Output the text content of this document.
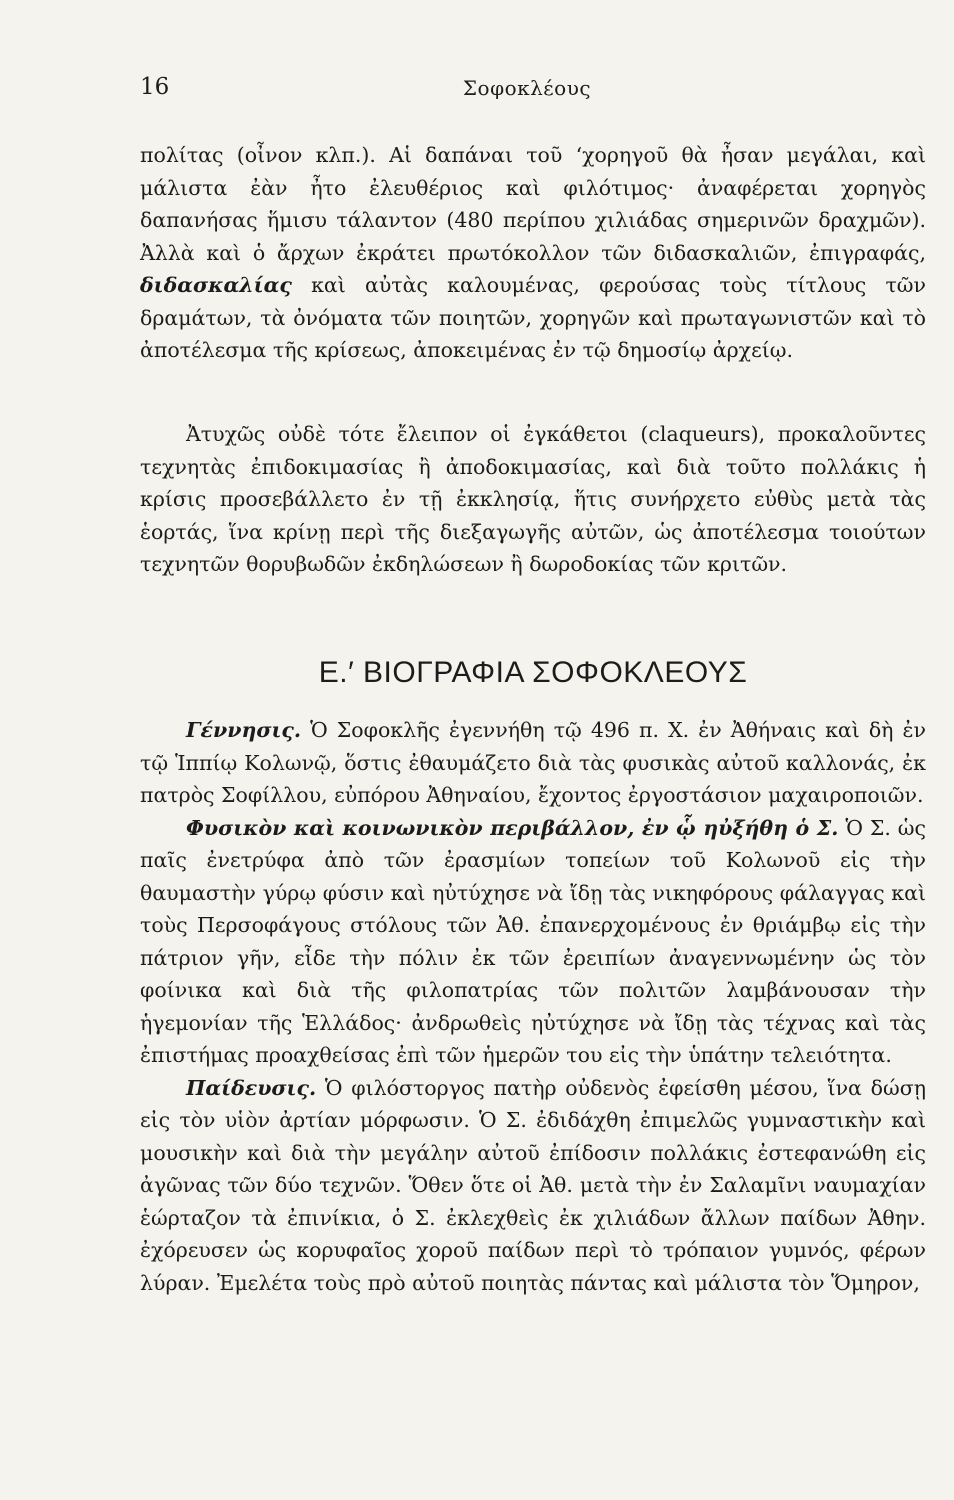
16	Σοφοκλέους

πολίτας (οἶνον κλπ.). Αἱ δαπάναι τοῦ ‘χορηγοῦ θὰ ἦσαν μεγάλαι, καὶ μάλιστα ἐὰν ἦτο ἐλευθέριος καὶ φιλότιμος· ἀναφέρεται χορηγὸς δαπανήσας ἥμισυ τάλαντον (480 περίπου χιλιάδας σημερινῶν δραχμῶν). Ἀλλὰ καὶ ὁ ἄρχων ἐκράτει πρωτόκολλον τῶν διδασκαλιῶν, ἐπιγραφάς, διδασκαλίας καὶ αὐτὰς καλουμένας, φερούσας τοὺς τίτλους τῶν δραμάτων, τὰ ὀνόματα τῶν ποιητῶν, χορηγῶν καὶ πρωταγωνιστῶν καὶ τὸ ἀποτέλεσμα τῆς κρίσεως, ἀποκειμένας ἐν τῷ δημοσίῳ ἀρχείῳ.

Ἀτυχῶς οὐδὲ τότε ἔλειπον οἱ ἐγκάθετοι (claqueurs), προκαλοῦντες τεχνητὰς ἐπιδοκιμασίας ἢ ἀποδοκιμασίας, καὶ διὰ τοῦτο πολλάκις ἡ κρίσις προσεβάλλετο ἐν τῇ ἐκκλησίᾳ, ἥτις συνήρχετο εὐθὺς μετὰ τὰς ἑορτάς, ἵνα κρίνῃ περὶ τῆς διεξαγωγῆς αὐτῶν, ὡς ἀποτέλεσμα τοιούτων τεχνητῶν θορυβωδῶν ἐκδηλώσεων ἢ δωροδοκίας τῶν κριτῶν.

Ε.′ ΒΙΟΓΡΑΦΙΑ ΣΟΦΟΚΛΕΟΥΣ

Γέννησις. Ὁ Σοφοκλῆς ἐγεννήθη τῷ 496 π. Χ. ἐν Ἀθήναις καὶ δὴ ἐν τῷ Ἱππίῳ Κολωνῷ, ὅστις ἐθαυμάζετο διὰ τὰς φυσικὰς αὐτοῦ καλλονάς, ἐκ πατρὸς Σοφίλλου, εὐπόρου Ἀθηναίου, ἔχοντος ἐργοστάσιον μαχαιροποιῶν.

Φυσικὸν καὶ κοινωνικὸν περιβάλλον, ἐν ᾧ ηὐξήθη ὁ Σ. Ὁ Σ. ὡς παῖς ἐνετρύφα ἀπὸ τῶν ἐρασμίων τοπείων τοῦ Κολωνοῦ εἰς τὴν θαυμαστὴν γύρῳ φύσιν καὶ ηὐτύχησε νὰ ἴδῃ τὰς νικηφόρους φάλαγγας καὶ τοὺς Περσοφάγους στόλους τῶν Ἀθ. ἐπανερχομένους ἐν θριάμβῳ εἰς τὴν πάτριον γῆν, εἶδε τὴν πόλιν ἐκ τῶν ἐρειπίων ἀναγεννωμένην ὡς τὸν φοίνικα καὶ διὰ τῆς φιλοπατρίας τῶν πολιτῶν λαμβάνουσαν τὴν ἡγεμονίαν τῆς Ἑλλάδος· ἀνδρωθεὶς ηὐτύχησε νὰ ἴδῃ τὰς τέχνας καὶ τὰς ἐπιστήμας προαχθείσας ἐπὶ τῶν ἡμερῶν του εἰς τὴν ὑπάτην τελειότητα.

Παίδευσις. Ὁ φιλόστοργος πατὴρ οὐδενὸς ἐφείσθη μέσου, ἵνα δώσῃ εἰς τὸν υἱὸν ἀρτίαν μόρφωσιν. Ὁ Σ. ἐδιδάχθη ἐπιμελῶς γυμναστικὴν καὶ μουσικὴν καὶ διὰ τὴν μεγάλην αὐτοῦ ἐπίδοσιν πολλάκις ἐστεφανώθη εἰς ἀγῶνας τῶν δύο τεχνῶν. Ὅθεν ὅτε οἱ Ἀθ. μετὰ τὴν ἐν Σαλαμῖνι ναυμαχίαν ἑώρταζον τὰ ἐπινίκια, ὁ Σ. ἐκλεχθεὶς ἐκ χιλιάδων ἄλλων παίδων Ἀθην. ἐχόρευσεν ὡς κορυφαῖος χοροῦ παίδων περὶ τὸ τρόπαιον γυμνός, φέρων λύραν. Ἐμελέτα τοὺς πρὸ αὐτοῦ ποιητὰς πάντας καὶ μάλιστα τὸν Ὅμηρον,
